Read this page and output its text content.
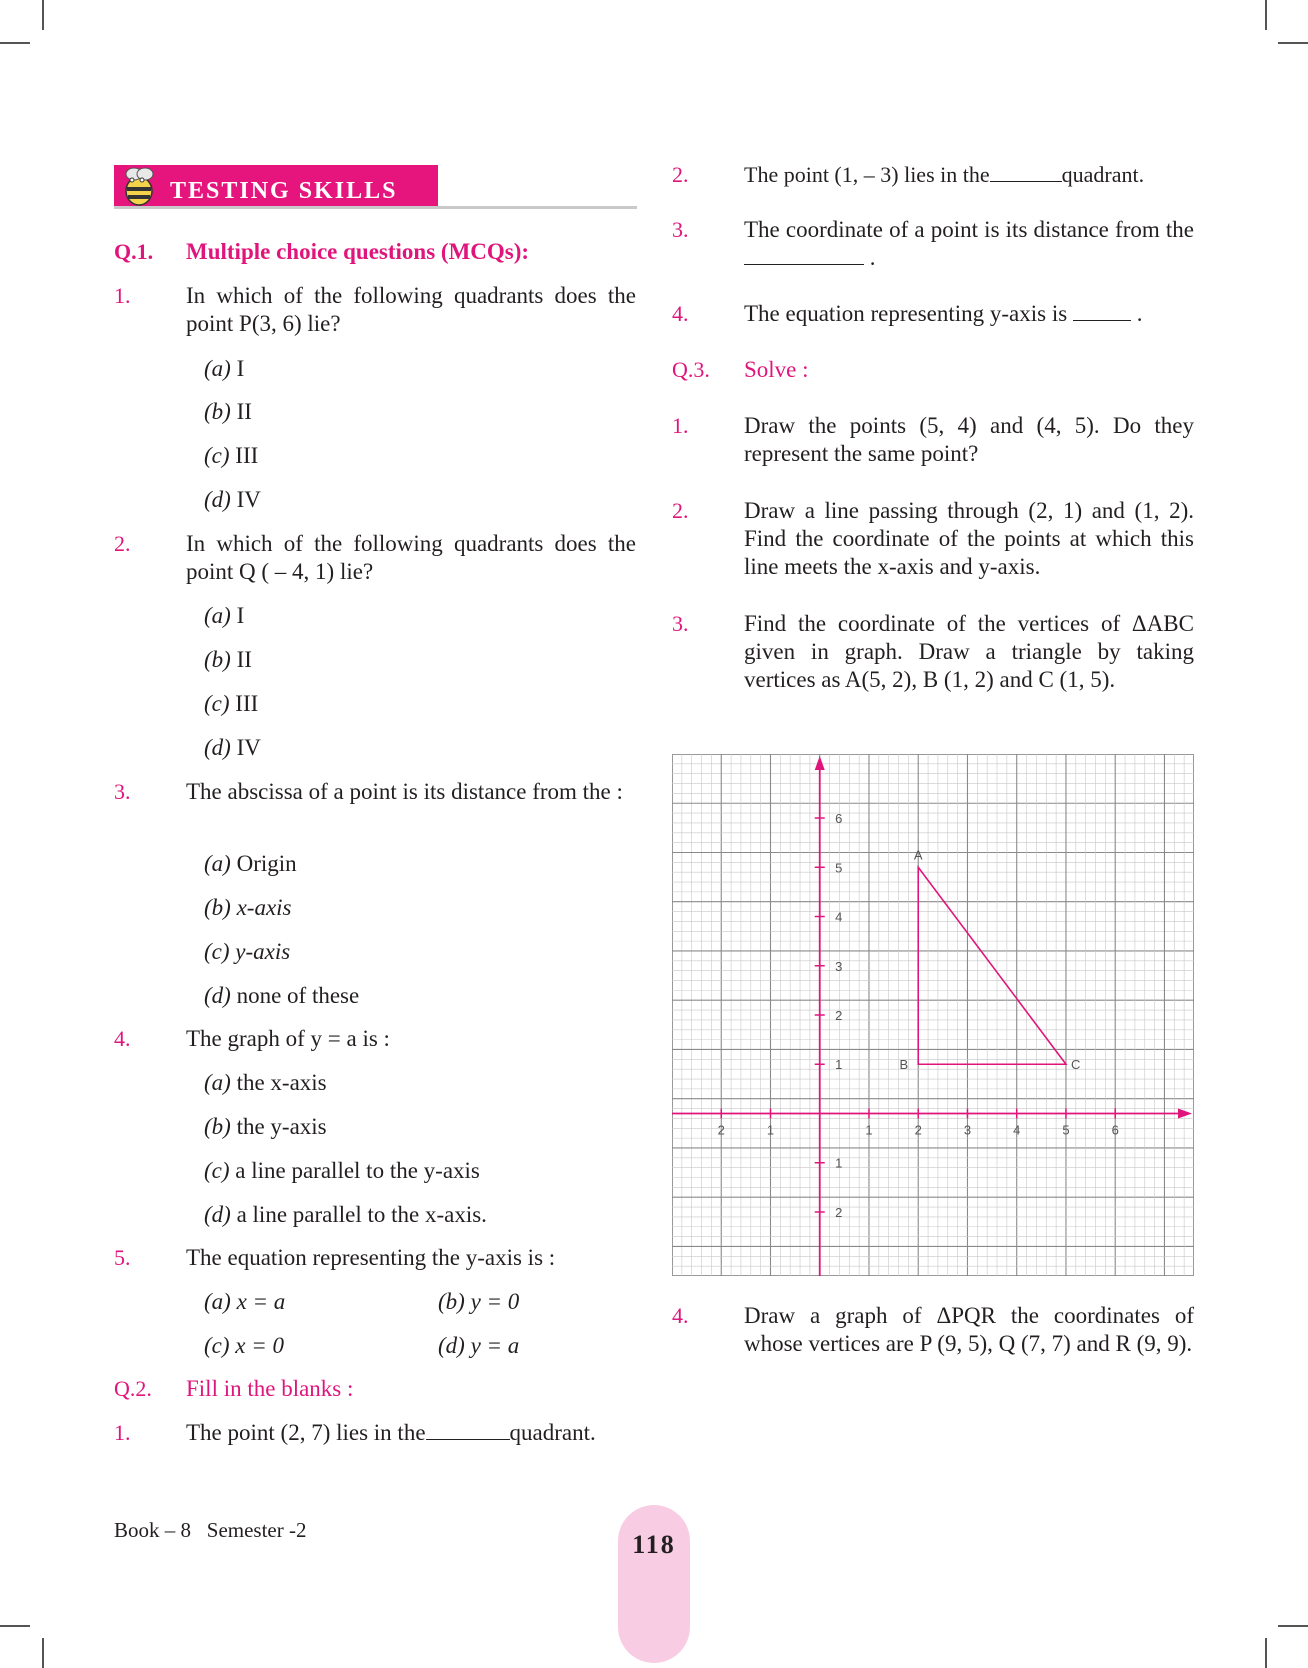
TESTING SKILLS
Q.1. Multiple choice questions (MCQs):
1. In which of the following quadrants does the point P(3, 6) lie?
(a) I
(b) II
(c) III
(d) IV
2. In which of the following quadrants does the point Q ( – 4, 1) lie?
(a) I
(b) II
(c) III
(d) IV
3. The abscissa of a point is its distance from the :
(a) Origin
(b) x-axis
(c) y-axis
(d) none of these
4. The graph of y = a is :
(a) the x-axis
(b) the y-axis
(c) a line parallel to the y-axis
(d) a line parallel to the x-axis.
5. The equation representing the y-axis is :
(a) x = a	(b) y = 0
(c) x = 0	(d) y = a
Q.2. Fill in the blanks :
1. The point (2, 7) lies in the	quadrant.
2.	The point (1, – 3) lies in the	quadrant.
3. The coordinate of a point is its distance from the  .
4. The equation representing y-axis is	.
Q.3. Solve :
1. Draw the points (5, 4) and (4, 5). Do they represent the same point?
2. Draw a line passing through (2, 1) and (1, 2). Find the coordinate of the points at which this line meets the x-axis and y-axis.
3. Find the coordinate of the vertices of ΔABC given in graph. Draw a triangle by taking vertices as A(5, 2), B (1, 2) and C (1, 5).
2	1	1	2	3	4	5	6
2
1
1
2
3
4
5
6
A
B	C
4. Draw a graph of ΔPQR the coordinates of whose vertices are P (9, 5), Q (7, 7) and R (9, 9).
Book – 8 Semester -2	118
